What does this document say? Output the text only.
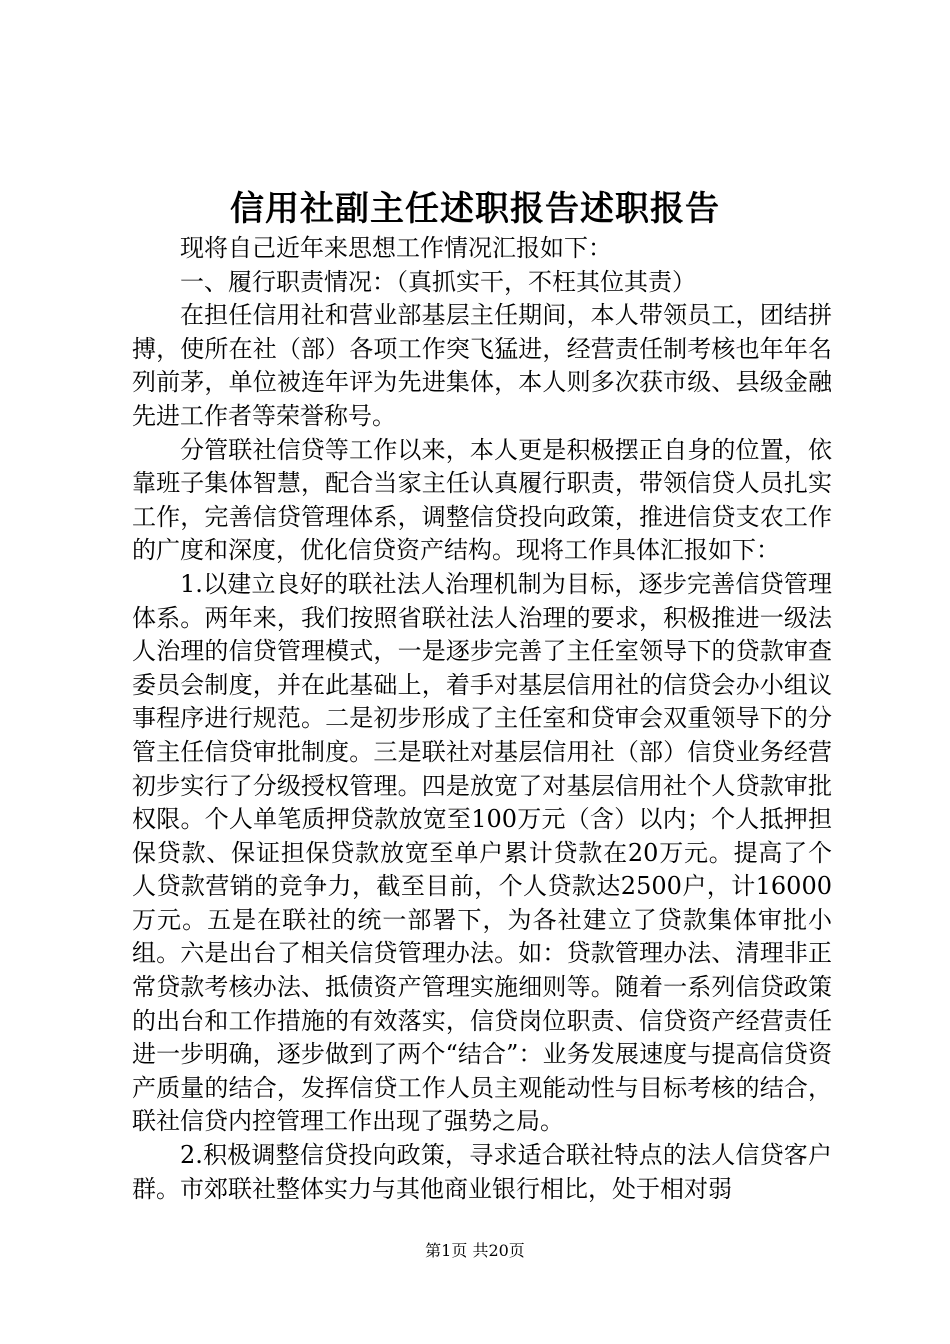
信用社副主任述职报告述职报告

现将自己近年来思想工作情况汇报如下：

一、履行职责情况：（真抓实干，不枉其位其责）

在担任信用社和营业部基层主任期间，本人带领员工，团结拼搏，使所在社（部）各项工作突飞猛进，经营责任制考核也年年名列前茅，单位被连年评为先进集体，本人则多次获市级、县级金融先进工作者等荣誉称号。

分管联社信贷等工作以来，本人更是积极摆正自身的位置，依靠班子集体智慧，配合当家主任认真履行职责，带领信贷人员扎实工作，完善信贷管理体系，调整信贷投向政策，推进信贷支农工作的广度和深度，优化信贷资产结构。现将工作具体汇报如下：

1.以建立良好的联社法人治理机制为目标，逐步完善信贷管理体系。两年来，我们按照省联社法人治理的要求，积极推进一级法人治理的信贷管理模式，一是逐步完善了主任室领导下的贷款审查委员会制度，并在此基础上，着手对基层信用社的信贷会办小组议事程序进行规范。二是初步形成了主任室和贷审会双重领导下的分管主任信贷审批制度。三是联社对基层信用社（部）信贷业务经营初步实行了分级授权管理。四是放宽了对基层信用社个人贷款审批权限。个人单笔质押贷款放宽至100万元（含）以内；个人抵押担保贷款、保证担保贷款放宽至单户累计贷款在20万元。提高了个人贷款营销的竞争力，截至目前，个人贷款达2500户，计16000万元。五是在联社的统一部署下，为各社建立了贷款集体审批小组。六是出台了相关信贷管理办法。如：贷款管理办法、清理非正常贷款考核办法、抵债资产管理实施细则等。随着一系列信贷政策的出台和工作措施的有效落实，信贷岗位职责、信贷资产经营责任进一步明确，逐步做到了两个“结合”：业务发展速度与提高信贷资产质量的结合，发挥信贷工作人员主观能动性与目标考核的结合，联社信贷内控管理工作出现了强势之局。

2.积极调整信贷投向政策，寻求适合联社特点的法人信贷客户群。市郊联社整体实力与其他商业银行相比，处于相对弱

第1页 共20页
